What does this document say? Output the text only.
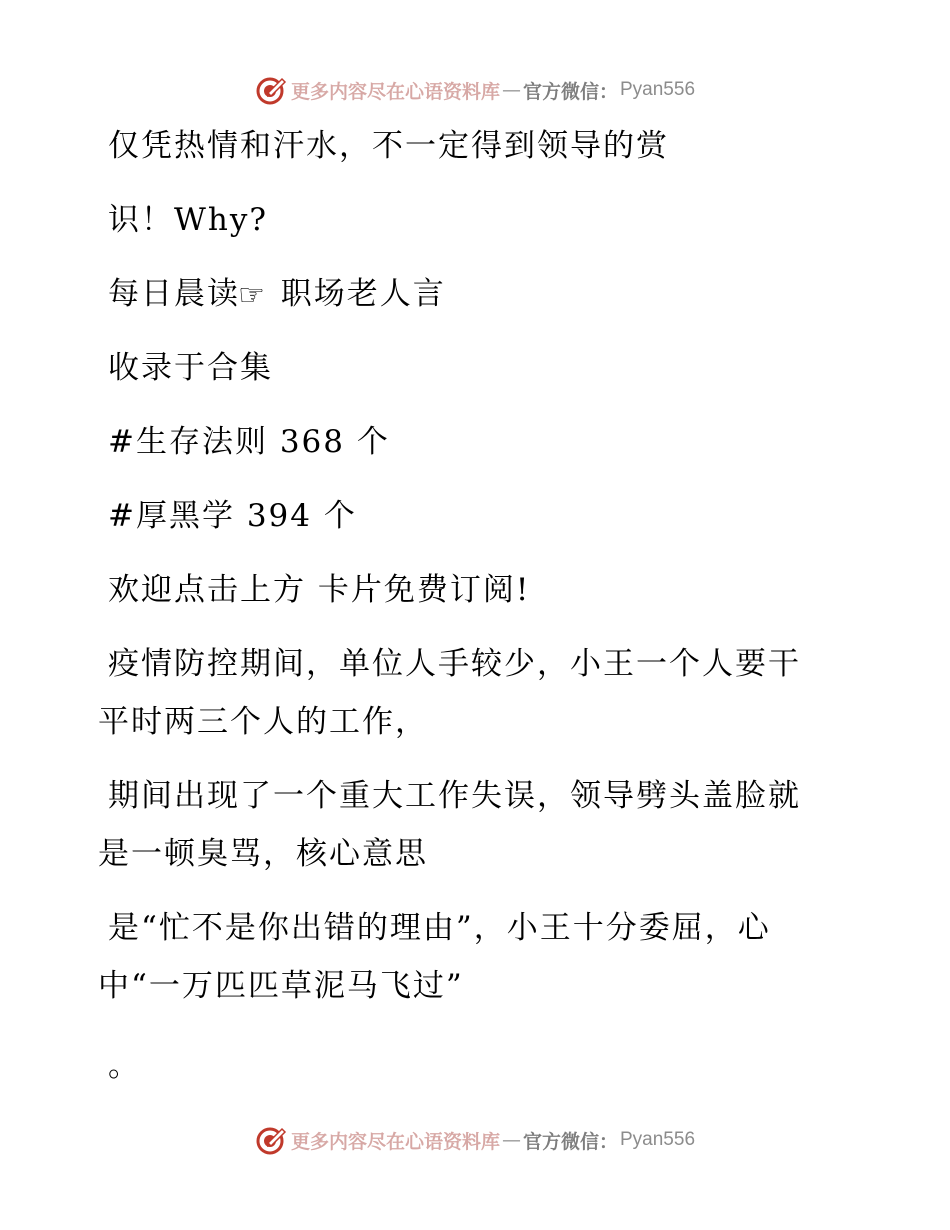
更多内容尽在心语资料库 — 官方微信： Pyan556
仅凭热情和汗水，不一定得到领导的赏
识！Why?
每日晨读☞ 职场老人言
收录于合集
#生存法则 368 个
#厚黑学 394 个
欢迎点击上方 卡片免费订阅!
疫情防控期间，单位人手较少，小王一个人要干
平时两三个人的工作，
期间出现了一个重大工作失误，领导劈头盖脸就
是一顿臭骂，核心意思
是“忙不是你出错的理由”，小王十分委屈，心
中“一万匹匹草泥马飞过”
。
更多内容尽在心语资料库 — 官方微信： Pyan556
